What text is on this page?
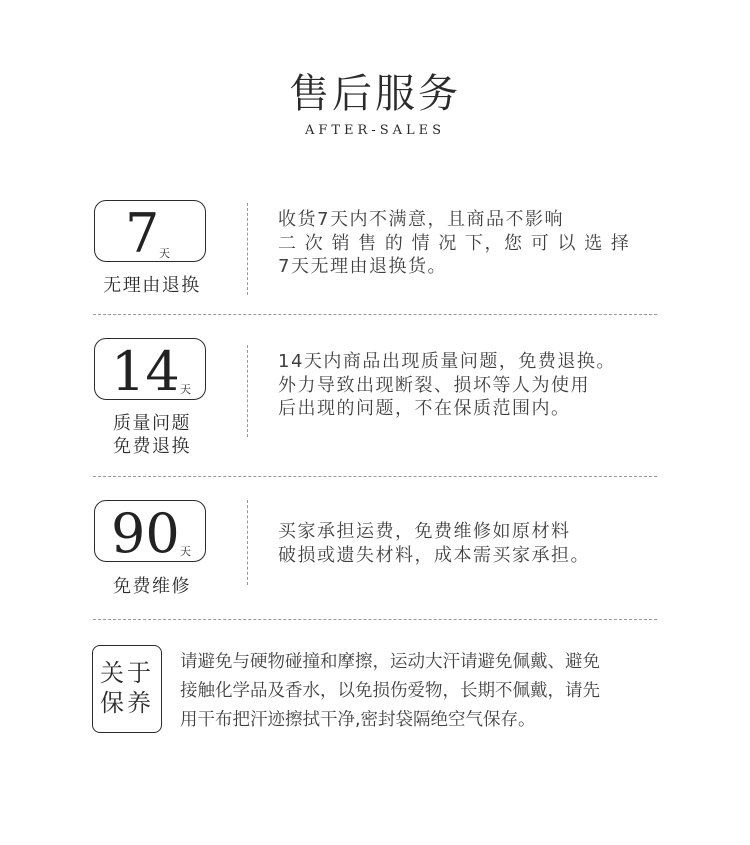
售后服务
AFTER-SALES
7 天
无理由退换
收货7天内不满意，且商品不影响
二 次 销 售 的 情 况 下，您 可 以 选 择
7天无理由退换货。
14 天
质量问题
免费退换
14天内商品出现质量问题，免费退换。
外力导致出现断裂、损坏等人为使用
后出现的问题，不在保质范围内。
90 天
免费维修
买家承担运费，免费维修如原材料
破损或遗失材料，成本需买家承担。
关于
保养
请避免与硬物碰撞和摩擦，运动大汗请避免佩戴、避免
接触化学品及香水，以免损伤爱物，长期不佩戴，请先
用干布把汗迹擦拭干净,密封袋隔绝空气保存。
